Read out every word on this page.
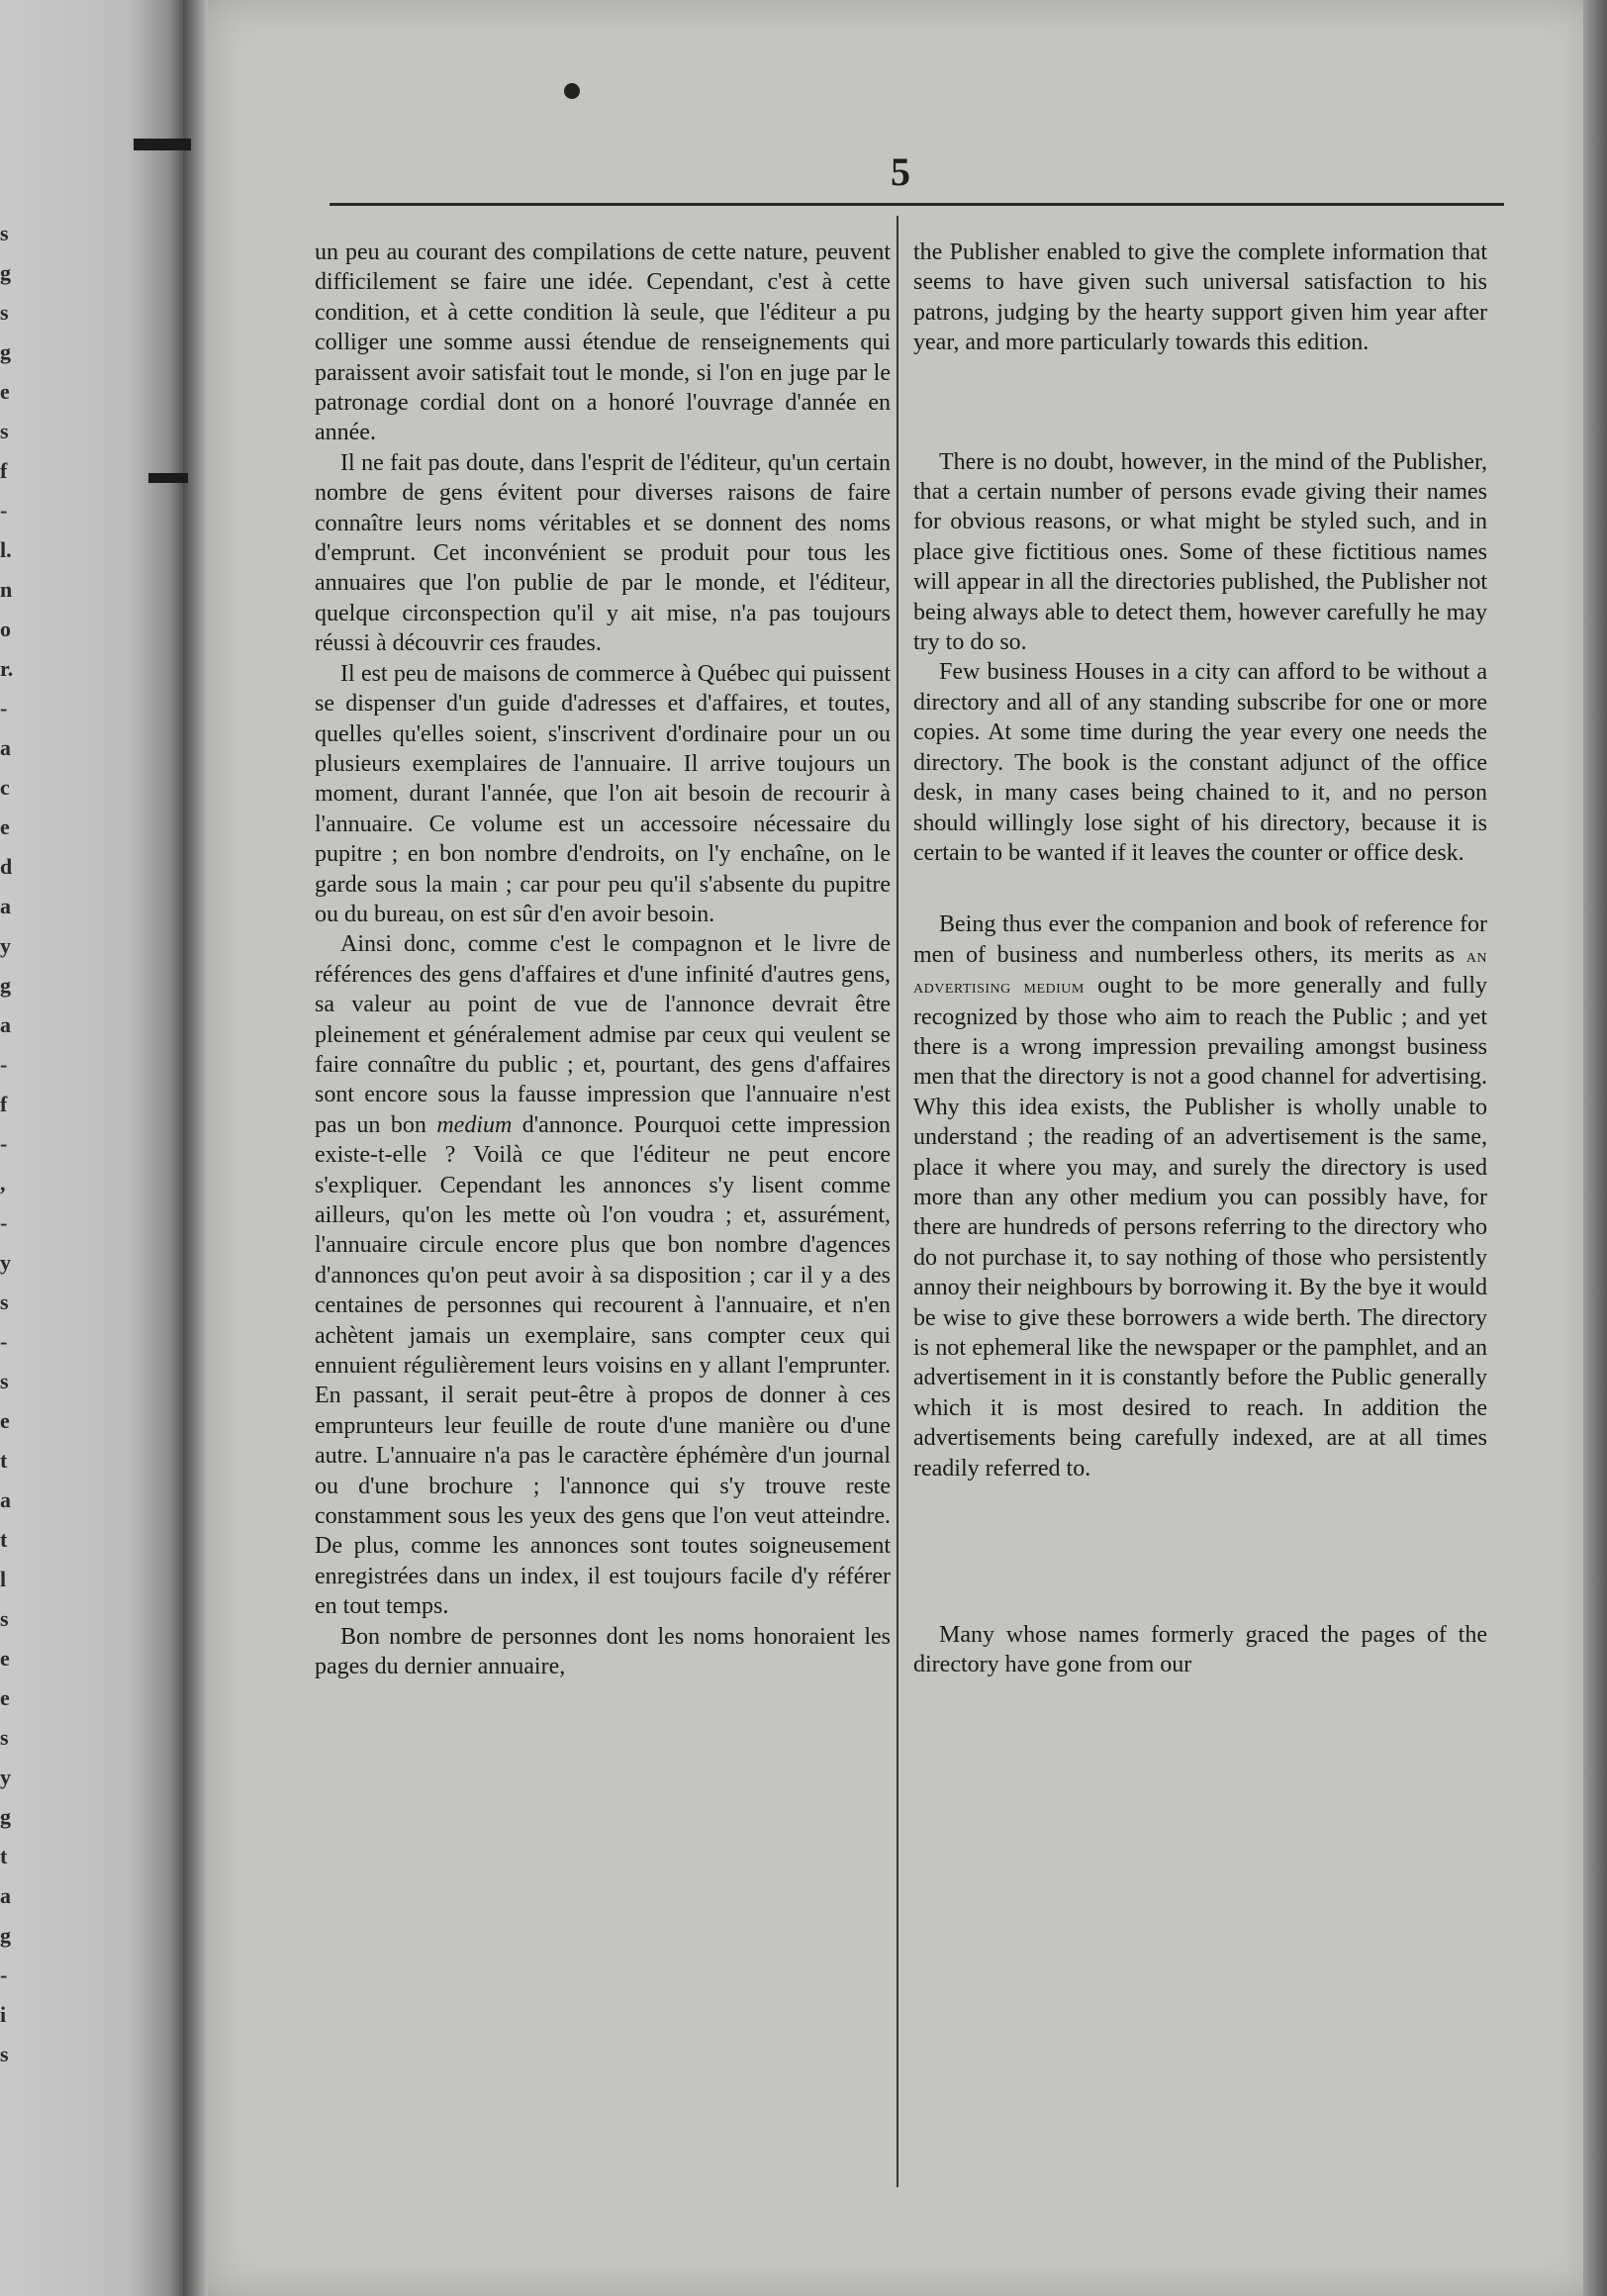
s
g
s
g
e
s
f
-
l.
n
o
r.
-
a
c
e
d
a
y
g
a
-
f
-
,
-
y
s
-
s
e
t
a
t
l
s
e
e
s
y
g
t
a
g
-
i
s
5

un peu au courant des compilations de cette nature, peuvent difficilement se faire une idée. Cependant, c'est à cette condition, et à cette condition là seule, que l'éditeur a pu colliger une somme aussi étendue de renseignements qui paraissent avoir satisfait tout le monde, si l'on en juge par le patronage cordial dont on a honoré l'ouvrage d'année en année.

Il ne fait pas doute, dans l'esprit de l'éditeur, qu'un certain nombre de gens évitent pour diverses raisons de faire connaître leurs noms véritables et se donnent des noms d'emprunt. Cet inconvénient se produit pour tous les annuaires que l'on publie de par le monde, et l'éditeur, quelque circonspection qu'il y ait mise, n'a pas toujours réussi à découvrir ces fraudes.

Il est peu de maisons de commerce à Québec qui puissent se dispenser d'un guide d'adresses et d'affaires, et toutes, quelles qu'elles soient, s'inscrivent d'ordinaire pour un ou plusieurs exemplaires de l'annuaire. Il arrive toujours un moment, durant l'année, que l'on ait besoin de recourir à l'annuaire. Ce volume est un accessoire nécessaire du pupitre ; en bon nombre d'endroits, on l'y enchaîne, on le garde sous la main ; car pour peu qu'il s'absente du pupitre ou du bureau, on est sûr d'en avoir besoin.

Ainsi donc, comme c'est le compagnon et le livre de références des gens d'affaires et d'une infinité d'autres gens, sa valeur au point de vue de l'annonce devrait être pleinement et généralement admise par ceux qui veulent se faire connaître du public ; et, pourtant, des gens d'affaires sont encore sous la fausse impression que l'annuaire n'est pas un bon medium d'annonce. Pourquoi cette impression existe-t-elle ? Voilà ce que l'éditeur ne peut encore s'expliquer. Cependant les annonces s'y lisent comme ailleurs, qu'on les mette où l'on voudra ; et, assurément, l'annuaire circule encore plus que bon nombre d'agences d'annonces qu'on peut avoir à sa disposition ; car il y a des centaines de personnes qui recourent à l'annuaire, et n'en achètent jamais un exemplaire, sans compter ceux qui ennuient régulièrement leurs voisins en y allant l'emprunter. En passant, il serait peut-être à propos de donner à ces emprunteurs leur feuille de route d'une manière ou d'une autre. L'annuaire n'a pas le caractère éphémère d'un journal ou d'une brochure ; l'annonce qui s'y trouve reste constamment sous les yeux des gens que l'on veut atteindre. De plus, comme les annonces sont toutes soigneusement enregistrées dans un index, il est toujours facile d'y référer en tout temps.

Bon nombre de personnes dont les noms honoraient les pages du dernier annuaire,

the Publisher enabled to give the complete information that seems to have given such universal satisfaction to his patrons, judging by the hearty support given him year after year, and more particularly towards this edition.

There is no doubt, however, in the mind of the Publisher, that a certain number of persons evade giving their names for obvious reasons, or what might be styled such, and in place give fictitious ones. Some of these fictitious names will appear in all the directories published, the Publisher not being always able to detect them, however carefully he may try to do so.

Few business Houses in a city can afford to be without a directory and all of any standing subscribe for one or more copies. At some time during the year every one needs the directory. The book is the constant adjunct of the office desk, in many cases being chained to it, and no person should willingly lose sight of his directory, because it is certain to be wanted if it leaves the counter or office desk.

Being thus ever the companion and book of reference for men of business and numberless others, its merits as an advertising medium ought to be more generally and fully recognized by those who aim to reach the Public ; and yet there is a wrong impression prevailing amongst business men that the directory is not a good channel for advertising. Why this idea exists, the Publisher is wholly unable to understand ; the reading of an advertisement is the same, place it where you may, and surely the directory is used more than any other medium you can possibly have, for there are hundreds of persons referring to the directory who do not purchase it, to say nothing of those who persistently annoy their neighbours by borrowing it. By the bye it would be wise to give these borrowers a wide berth. The directory is not ephemeral like the newspaper or the pamphlet, and an advertisement in it is constantly before the Public generally which it is most desired to reach. In addition the advertisements being carefully indexed, are at all times readily referred to.

Many whose names formerly graced the pages of the directory have gone from our
